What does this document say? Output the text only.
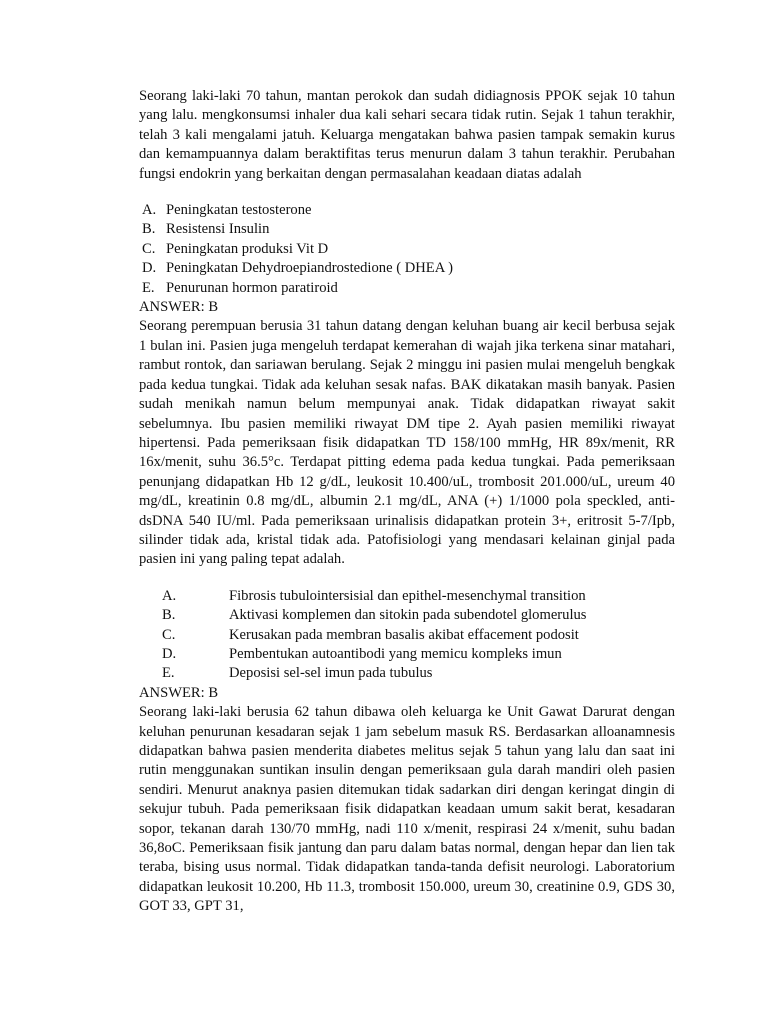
Seorang laki-laki 70 tahun, mantan perokok dan sudah didiagnosis PPOK sejak 10 tahun yang lalu. mengkonsumsi inhaler dua kali sehari secara tidak rutin. Sejak 1 tahun terakhir, telah 3 kali mengalami jatuh. Keluarga mengatakan bahwa pasien tampak semakin kurus dan kemampuannya dalam beraktifitas terus menurun dalam 3 tahun terakhir. Perubahan fungsi endokrin yang berkaitan dengan permasalahan keadaan diatas adalah

A. Peningkatan testosterone
B. Resistensi Insulin
C. Peningkatan produksi Vit D
D. Peningkatan Dehydroepiandrostedione ( DHEA )
E. Penurunan hormon paratiroid

ANSWER: B

Seorang perempuan berusia 31 tahun datang dengan keluhan buang air kecil berbusa sejak 1 bulan ini. Pasien juga mengeluh terdapat kemerahan di wajah jika terkena sinar matahari, rambut rontok, dan sariawan berulang. Sejak 2 minggu ini pasien mulai mengeluh bengkak pada kedua tungkai. Tidak ada keluhan sesak nafas. BAK dikatakan masih banyak. Pasien sudah menikah namun belum mempunyai anak. Tidak didapatkan riwayat sakit sebelumnya. Ibu pasien memiliki riwayat DM tipe 2. Ayah pasien memiliki riwayat hipertensi. Pada pemeriksaan fisik didapatkan TD 158/100 mmHg, HR 89x/menit, RR 16x/menit, suhu 36.5°c. Terdapat pitting edema pada kedua tungkai. Pada pemeriksaan penunjang didapatkan Hb 12 g/dL, leukosit 10.400/uL, trombosit 201.000/uL, ureum 40 mg/dL, kreatinin 0.8 mg/dL, albumin 2.1 mg/dL, ANA (+) 1/1000 pola speckled, anti-dsDNA 540 IU/ml. Pada pemeriksaan urinalisis didapatkan protein 3+, eritrosit 5-7/Ipb, silinder tidak ada, kristal tidak ada. Patofisiologi yang mendasari kelainan ginjal pada pasien ini yang paling tepat adalah.

A.	Fibrosis tubulointersisial dan epithel-mesenchymal transition
B.	Aktivasi komplemen dan sitokin pada subendotel glomerulus
C.	Kerusakan pada membran basalis akibat effacement podosit
D.	Pembentukan autoantibodi yang memicu kompleks imun
E.	Deposisi sel-sel imun pada tubulus

ANSWER: B

Seorang laki-laki berusia 62 tahun dibawa oleh keluarga ke Unit Gawat Darurat dengan keluhan penurunan kesadaran sejak 1 jam sebelum masuk RS. Berdasarkan alloanamnesis didapatkan bahwa pasien menderita diabetes melitus sejak 5 tahun yang lalu dan saat ini rutin menggunakan suntikan insulin dengan pemeriksaan gula darah mandiri oleh pasien sendiri. Menurut anaknya pasien ditemukan tidak sadarkan diri dengan keringat dingin di sekujur tubuh. Pada pemeriksaan fisik didapatkan keadaan umum sakit berat, kesadaran sopor, tekanan darah 130/70 mmHg, nadi 110 x/menit, respirasi 24 x/menit, suhu badan 36,8oC. Pemeriksaan fisik jantung dan paru dalam batas normal, dengan hepar dan lien tak teraba, bising usus normal. Tidak didapatkan tanda-tanda defisit neurologi. Laboratorium didapatkan leukosit 10.200, Hb 11.3, trombosit 150.000, ureum 30, creatinine 0.9, GDS 30, GOT 33, GPT 31,
